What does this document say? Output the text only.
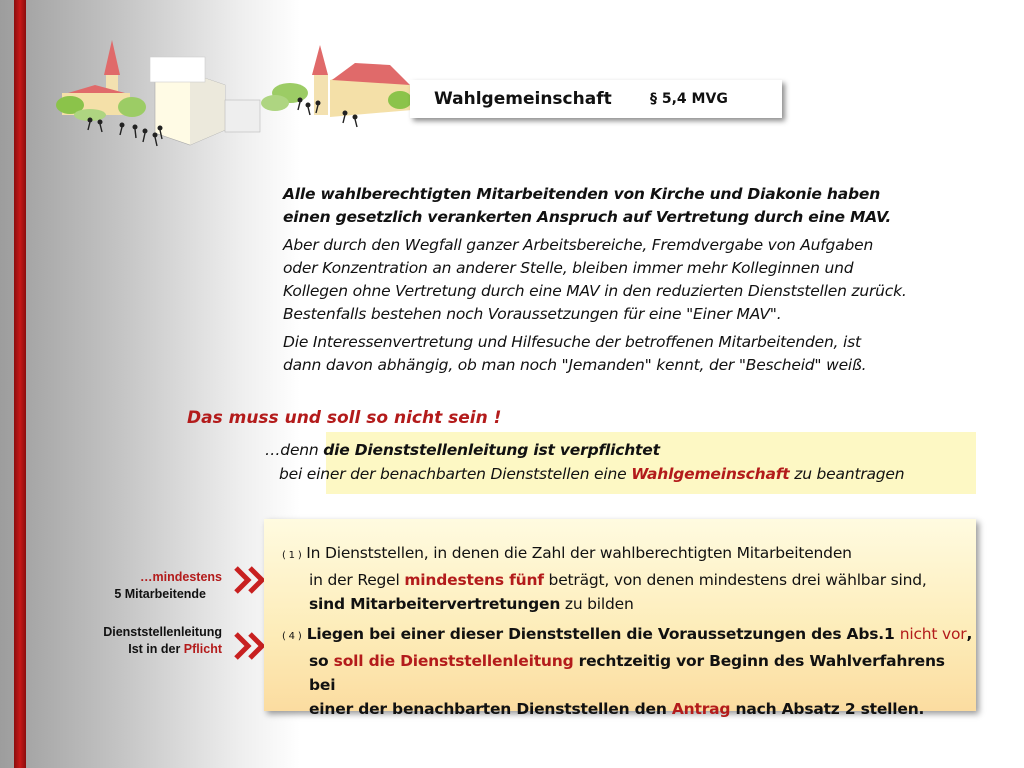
Wahlgemeinschaft	§ 5,4 MVG

Alle wahlberechtigten Mitarbeitenden von Kirche und Diakonie haben
einen gesetzlich verankerten Anspruch auf Vertretung durch eine MAV.

Aber durch den Wegfall ganzer Arbeitsbereiche, Fremdvergabe von Aufgaben
oder Konzentration an anderer Stelle, bleiben immer mehr Kolleginnen und
Kollegen ohne Vertretung durch eine MAV in den reduzierten Dienststellen zurück.
Bestenfalls bestehen noch Voraussetzungen für eine "Einer MAV".

Die Interessenvertretung und Hilfesuche der betroffenen Mitarbeitenden, ist
dann davon abhängig, ob man noch "Jemanden" kennt, der "Bescheid" weiß.

Das muss und soll so nicht sein !
…denn die Dienststellenleitung ist verpflichtet
bei einer der benachbarten Dienststellen eine Wahlgemeinschaft zu beantragen
…mindestens
5 Mitarbeitende
Dienststellenleitung
Ist in der Pflicht
( 1 ) In Dienststellen, in denen die Zahl der wahlberechtigten Mitarbeitenden
in der Regel mindestens fünf beträgt, von denen mindestens drei wählbar sind,
sind Mitarbeitervertretungen zu bilden
( 4 ) Liegen bei einer dieser Dienststellen die Voraussetzungen des Abs.1 nicht vor,
so soll die Dienststellenleitung rechtzeitig vor Beginn des Wahlverfahrens bei
einer der benachbarten Dienststellen den Antrag nach Absatz 2 stellen.
